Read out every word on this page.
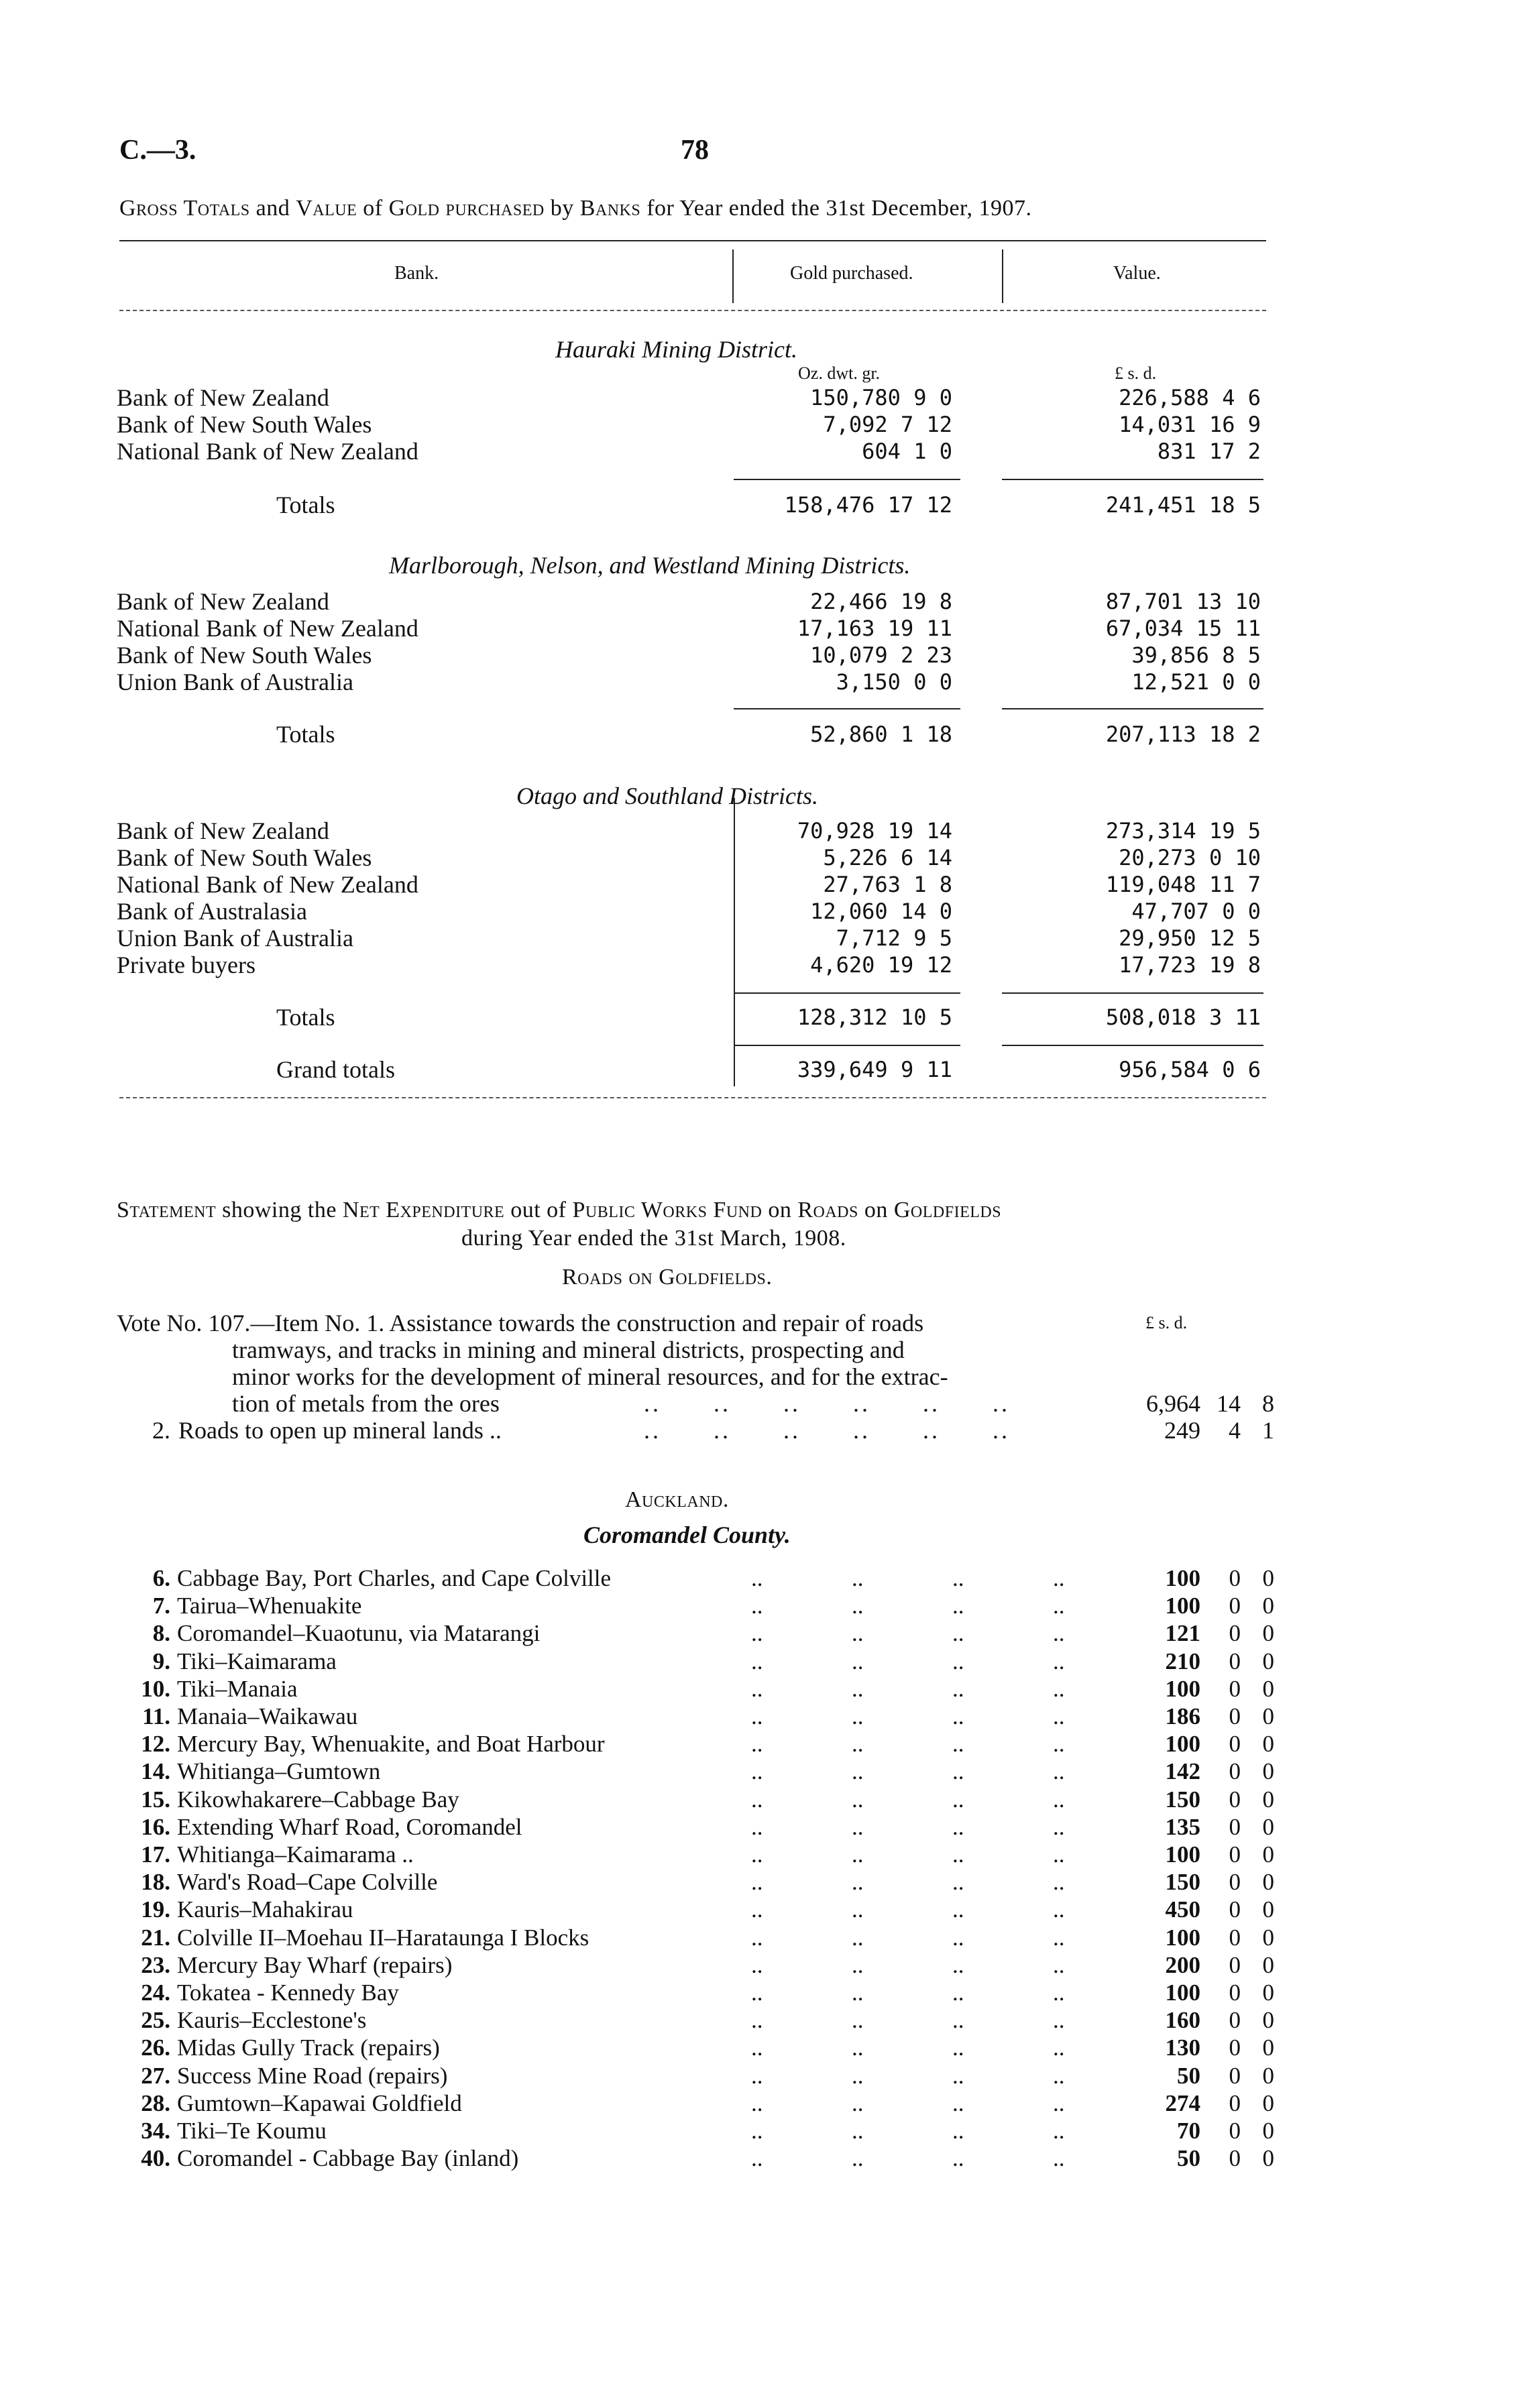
C.—3.	78
Gross Totals and Value of Gold purchased by Banks for Year ended the 31st December, 1907.
Bank.	Gold purchased.	Value.
Hauraki Mining District.
Oz. dwt. gr.	£ s. d.
Bank of New Zealand	150,780 9 0	226,588 4 6
Bank of New South Wales	7,092 7 12	14,031 16 9
National Bank of New Zealand	604 1 0	831 17 2
Totals	158,476 17 12	241,451 18 5
Marlborough, Nelson, and Westland Mining Districts.
Bank of New Zealand	22,466 19 8	87,701 13 10
National Bank of New Zealand	17,163 19 11	67,034 15 11
Bank of New South Wales	10,079 2 23	39,856 8 5
Union Bank of Australia	3,150 0 0	12,521 0 0
Totals	52,860 1 18	207,113 18 2
Otago and Southland Districts.
Bank of New Zealand	70,928 19 14	273,314 19 5
Bank of New South Wales	5,226 6 14	20,273 0 10
National Bank of New Zealand	27,763 1 8	119,048 11 7
Bank of Australasia	12,060 14 0	47,707 0 0
Union Bank of Australia	7,712 9 5	29,950 12 5
Private buyers	4,620 19 12	17,723 19 8
Totals	128,312 10 5	508,018 3 11
Grand totals	339,649 9 11	956,584 0 6
Statement showing the Net Expenditure out of Public Works Fund on Roads on Goldfields
during Year ended the 31st March, 1908.
Roads on Goldfields.
£ s. d.
Vote No. 107.—Item No. 1. Assistance towards the construction and repair of roads
tramways, and tracks in mining and mineral districts, prospecting and
minor works for the development of mineral resources, and for the extrac-
tion of metals from the ores	..      ..      ..      ..      ..      ..	6,964 14 8
2. Roads to open up mineral lands ..	..      ..      ..      ..      ..      ..	249	4 1
Auckland.
Coromandel County.
6. Cabbage Bay, Port Charles, and Cape Colville	..	..	..	..	100	0 0
7. Tairua–Whenuakite	..	..	..	..	100	0 0
8. Coromandel–Kuaotunu, via Matarangi	..	..	..	..	121	0 0
9. Tiki–Kaimarama	..	..	..	..	210	0 0
10. Tiki–Manaia	..	..	..	..	100	0 0
11. Manaia–Waikawau	..	..	..	..	186	0 0
12. Mercury Bay, Whenuakite, and Boat Harbour	..	..	..	..	100	0 0
14. Whitianga–Gumtown	..	..	..	..	142	0 0
15. Kikowhakarere–Cabbage Bay	..	..	..	..	150	0 0
16. Extending Wharf Road, Coromandel	..	..	..	..	135	0 0
17. Whitianga–Kaimarama ..	..	..	..	..	100	0 0
18. Ward's Road–Cape Colville	..	..	..	..	150	0 0
19. Kauris–Mahakirau	..	..	..	..	450	0 0
21. Colville II–Moehau II–Harataunga I Blocks	..	..	..	..	100	0 0
23. Mercury Bay Wharf (repairs)	..	..	..	..	200	0 0
24. Tokatea - Kennedy Bay	..	..	..	..	100	0 0
25. Kauris–Ecclestone's	..	..	..	..	160	0 0
26. Midas Gully Track (repairs)	..	..	..	..	130	0 0
27. Success Mine Road (repairs)	..	..	..	..	50	0 0
28. Gumtown–Kapawai Goldfield	..	..	..	..	274	0 0
34. Tiki–Te Koumu	..	..	..	..	70	0 0
40. Coromandel - Cabbage Bay (inland)	..	..	..	..	50	0 0
